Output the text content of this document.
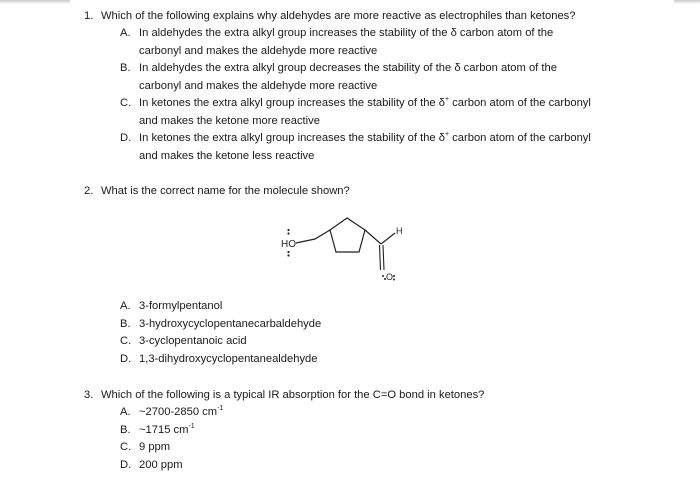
1. Which of the following explains why aldehydes are more reactive as electrophiles than ketones?
A. In aldehydes the extra alkyl group increases the stability of the δ carbon atom of the
carbonyl and makes the aldehyde more reactive
B. In aldehydes the extra alkyl group decreases the stability of the δ carbon atom of the
carbonyl and makes the aldehyde more reactive
C. In ketones the extra alkyl group increases the stability of the δ+ carbon atom of the carbonyl
and makes the ketone more reactive
D. In ketones the extra alkyl group increases the stability of the δ+ carbon atom of the carbonyl
and makes the ketone less reactive
2. What is the correct name for the molecule shown?
HO
H
O
A. 3-formylpentanol
B. 3-hydroxycyclopentanecarbaldehyde
C. 3-cyclopentanoic acid
D. 1,3-dihydroxycyclopentanealdehyde
3. Which of the following is a typical IR absorption for the C=O bond in ketones?
A. ~2700-2850 $cm^{-1}$
B. ~1715 $cm^{-1}$
C. 9 ppm
D. 200 ppm
